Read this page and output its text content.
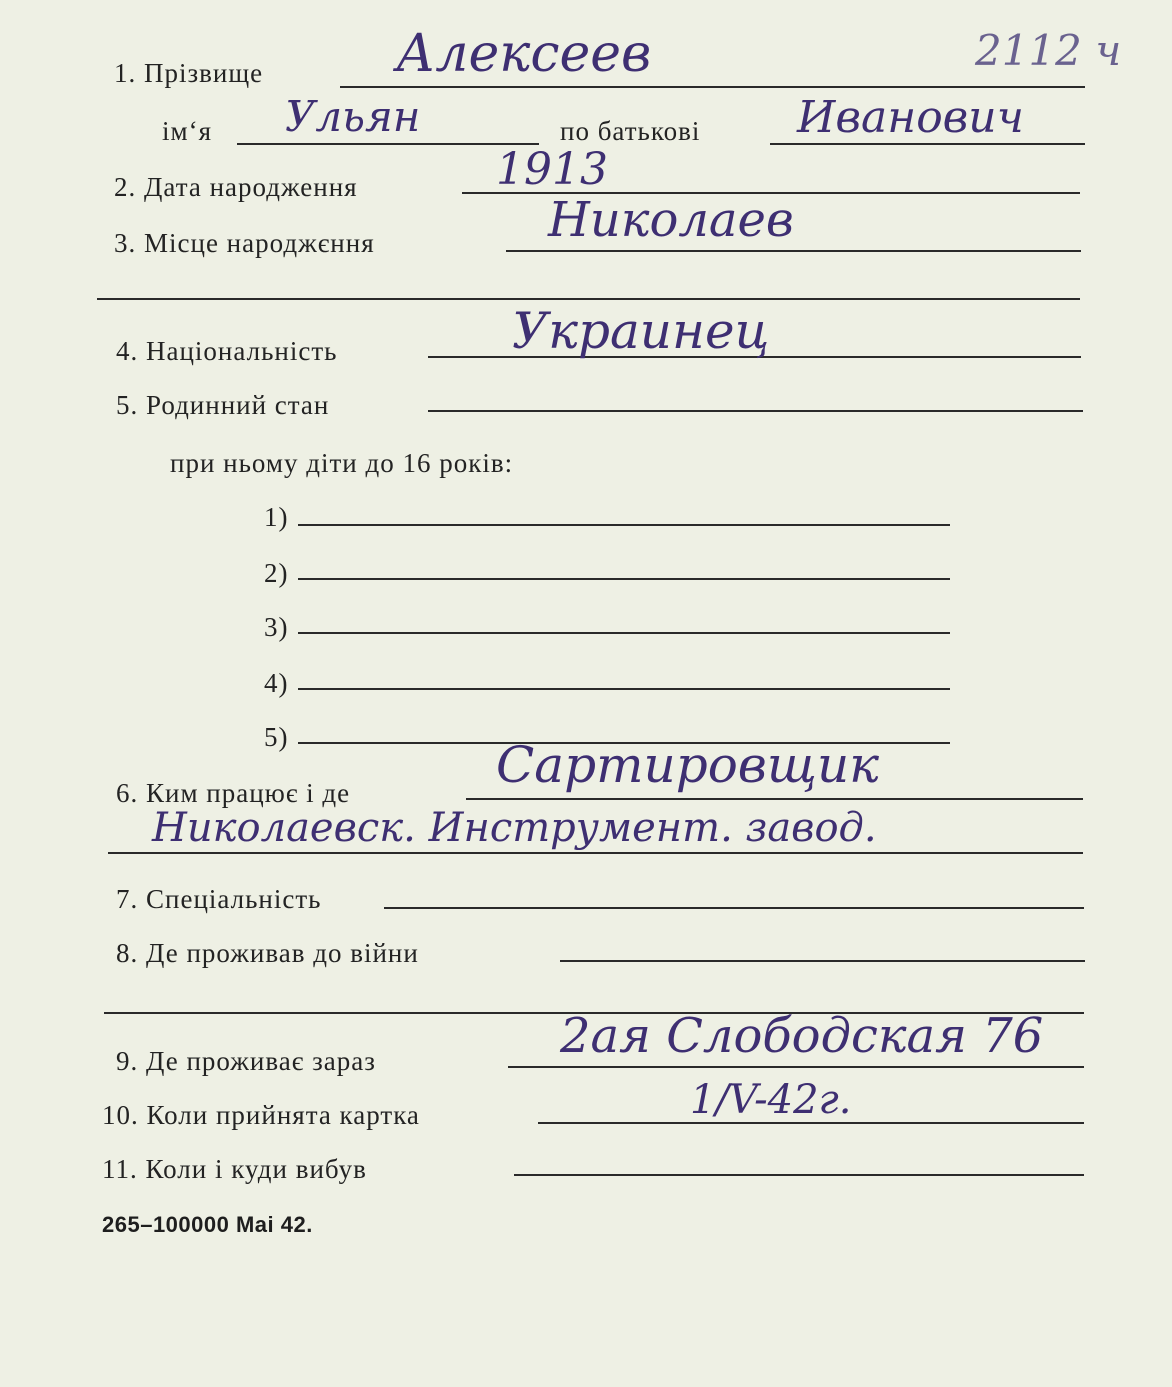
1. Прізвище	Алексеев	2112 ч
ім‘я Ульян	по батькові Иванович
2. Дата народження	1913
3. Місце народжєння	Николаев
4. Національність	Украинец
5. Родинний стан
при ньому діти до 16 років:
1)
2)
3)
4)
5)
6. Ким працює і де	Сартировщик
Николаевск. Инструмент. завод.
7. Спеціальність
8. Де проживав до війни
9. Де проживає зараз	2ая Слободская 76
10. Коли прийнята картка	1/V-42г.
11. Коли і куди вибув
265–100000 Mai 42.
